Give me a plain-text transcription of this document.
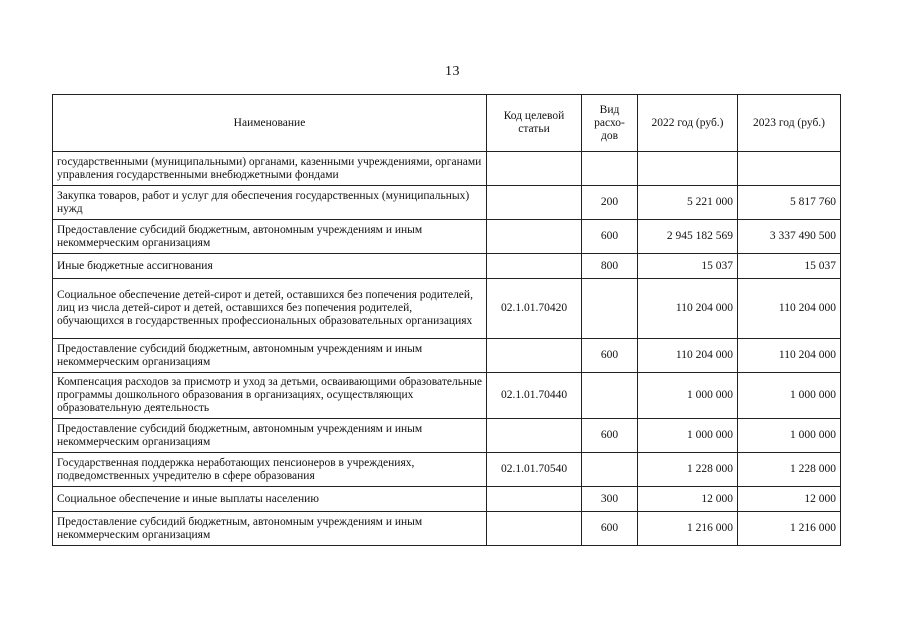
13
Наименование	Код целевой статьи	Вид расхо-дов	2022 год (руб.)	2023 год (руб.)
государственными (муниципальными) органами, казенными учреждениями, органами управления государственными внебюджетными фондами				
Закупка товаров, работ и услуг для обеспечения государственных (муниципальных) нужд		200	5 221 000	5 817 760
Предоставление субсидий бюджетным, автономным учреждениям и иным некоммерческим организациям		600	2 945 182 569	3 337 490 500
Иные бюджетные ассигнования		800	15 037	15 037
Социальное обеспечение детей-сирот и детей, оставшихся без попечения родителей, лиц из числа детей-сирот и детей, оставшихся без попечения родителей, обучающихся в государственных профессиональных образовательных организациях	02.1.01.70420		110 204 000	110 204 000
Предоставление субсидий бюджетным, автономным учреждениям и иным некоммерческим организациям		600	110 204 000	110 204 000
Компенсация расходов за присмотр и уход за детьми, осваивающими образовательные программы дошкольного образования в организациях, осуществляющих образовательную деятельность	02.1.01.70440		1 000 000	1 000 000
Предоставление субсидий бюджетным, автономным учреждениям и иным некоммерческим организациям		600	1 000 000	1 000 000
Государственная поддержка неработающих пенсионеров в учреждениях, подведомственных учредителю в сфере образования	02.1.01.70540		1 228 000	1 228 000
Социальное обеспечение и иные выплаты населению		300	12 000	12 000
Предоставление субсидий бюджетным, автономным учреждениям и иным некоммерческим организациям		600	1 216 000	1 216 000
